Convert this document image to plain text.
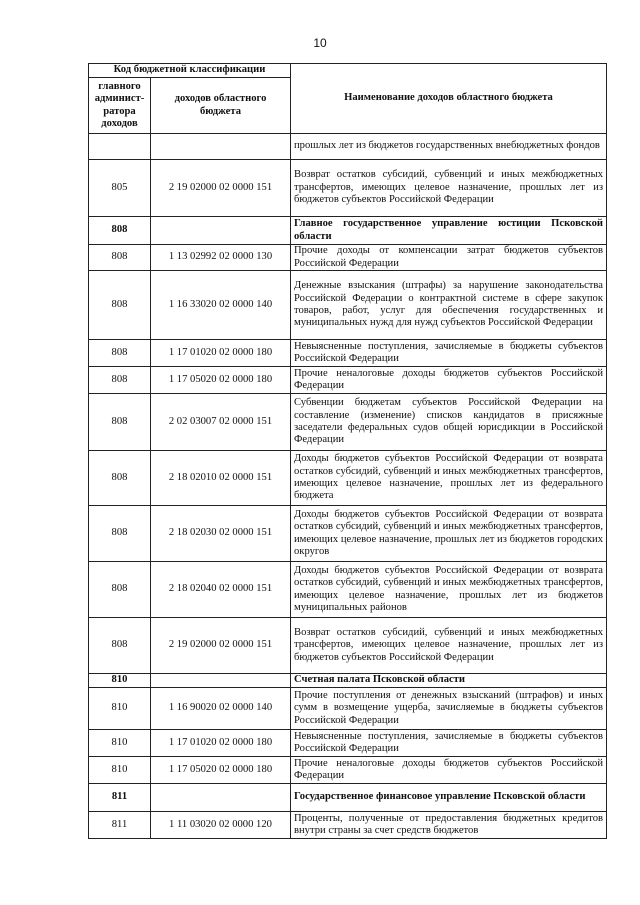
10
Код бюджетной классификации		Наименование доходов областного бюджета
главного админист-ратора доходов	доходов областного бюджета	
		прошлых лет из бюджетов государственных внебюджетных фондов
805	2 19 02000 02 0000 151	Возврат остатков субсидий, субвенций и иных межбюджетных трансфертов, имеющих целевое назначение, прошлых лет из бюджетов субъектов Российской Федерации
808		Главное государственное управление юстиции Псковской области
808	1 13 02992 02 0000 130	Прочие доходы от компенсации затрат бюджетов субъектов Российской Федерации
808	1 16 33020 02 0000 140	Денежные взыскания (штрафы) за нарушение законодательства Российской Федерации о контрактной системе в сфере закупок товаров, работ, услуг для обеспечения государственных и муниципальных нужд для нужд субъектов Российской Федерации
808	1 17 01020 02 0000 180	Невыясненные поступления, зачисляемые в бюджеты субъектов Российской Федерации
808	1 17 05020 02 0000 180	Прочие неналоговые доходы бюджетов субъектов Российской Федерации
808	2 02 03007 02 0000 151	Субвенции бюджетам субъектов Российской Федерации на составление (изменение) списков кандидатов в присяжные заседатели федеральных судов общей юрисдикции в Российской Федерации
808	2 18 02010 02 0000 151	Доходы бюджетов субъектов Российской Федерации от возврата остатков субсидий, субвенций и иных межбюджетных трансфертов, имеющих целевое назначение, прошлых лет из федерального бюджета
808	2 18 02030 02 0000 151	Доходы бюджетов субъектов Российской Федерации от возврата остатков субсидий, субвенций и иных межбюджетных трансфертов, имеющих целевое назначение, прошлых лет из бюджетов городских округов
808	2 18 02040 02 0000 151	Доходы бюджетов субъектов Российской Федерации от возврата остатков субсидий, субвенций и иных межбюджетных трансфертов, имеющих целевое назначение, прошлых лет из бюджетов муниципальных районов
808	2 19 02000 02 0000 151	Возврат остатков субсидий, субвенций и иных межбюджетных трансфертов, имеющих целевое назначение, прошлых лет из бюджетов субъектов Российской Федерации
810		Счетная палата Псковской области
810	1 16 90020 02 0000 140	Прочие поступления от денежных взысканий (штрафов) и иных сумм в возмещение ущерба, зачисляемые в бюджеты субъектов Российской Федерации
810	1 17 01020 02 0000 180	Невыясненные поступления, зачисляемые в бюджеты субъектов Российской Федерации
810	1 17 05020 02 0000 180	Прочие неналоговые доходы бюджетов субъектов Российской Федерации
811		Государственное финансовое управление Псковской области
811	1 11 03020 02 0000 120	Проценты, полученные от предоставления бюджетных кредитов внутри страны за счет средств бюджетов
